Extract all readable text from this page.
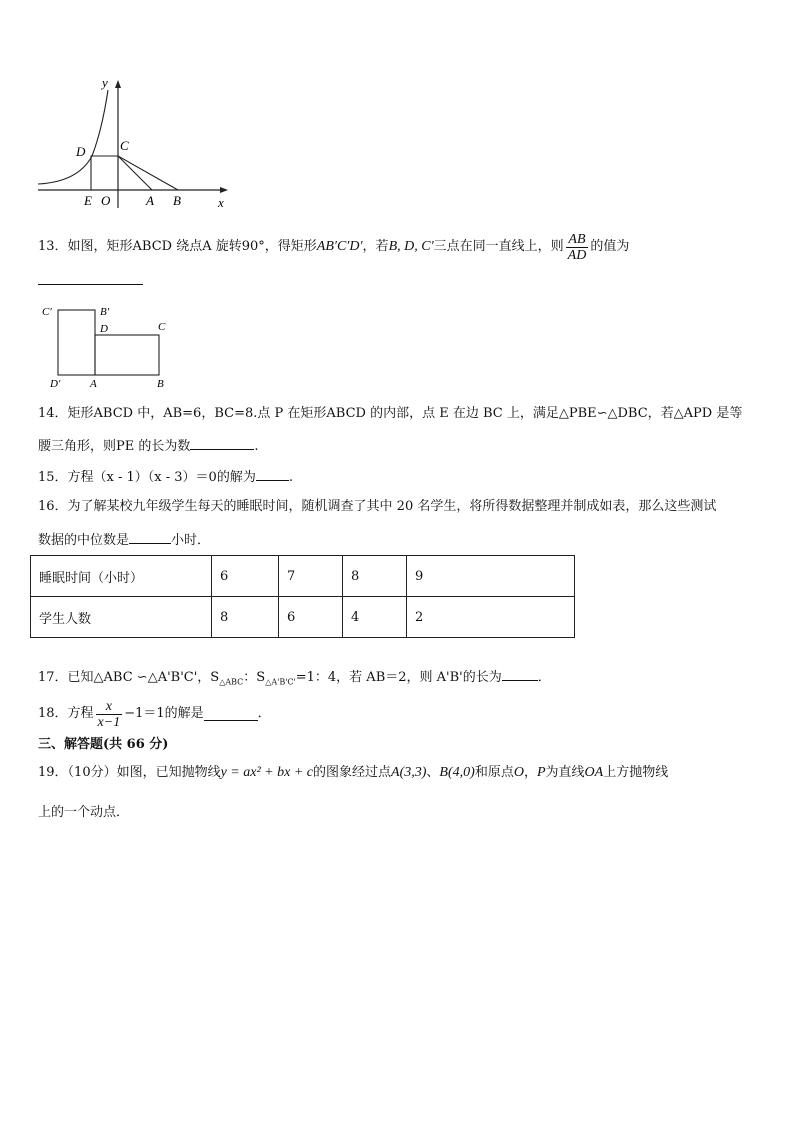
y
x
D	C
E O	A B
13．如图，矩形ABCD 绕点A 旋转90°，得矩形 AB′C′D′ ，若 B, D, C′ 三点在同一直线上，则 $\frac{AB}{AD}$ 的值为
C′	B′
D	C
D′	A	B
14．矩形ABCD 中，AB=6，BC=8.点 P 在矩形ABCD 的内部，点 E 在边 BC 上，满足△PBE∽△DBC，若△APD 是等
腰三角形，则PE 的长为数	.
15．方程（x - 1）（x - 3）＝0的解为	.
16．为了解某校九年级学生每天的睡眠时间，随机调查了其中 20 名学生，将所得数据整理并制成如表，那么这些测试
数据的中位数是	小时．
睡眠时间（小时）	6	7	8	9
学生人数	8	6	4	2
17．已知△ABC ∽△A'B'C'，$S_{\triangle ABC}$：$S_{\triangle A'B'C'}=1$：4，若 AB＝2，则 A'B'的长为	．
18．方程 $\frac{x}{x-1} -1=1$的解是	．
三、解答题(共 66 分)
19．（10分）如图，已知抛物线y = ax² + bx + c的图象经过点A(3,3)、B(4,0)和原点O，P为直线OA上方抛物线
上的一个动点．
